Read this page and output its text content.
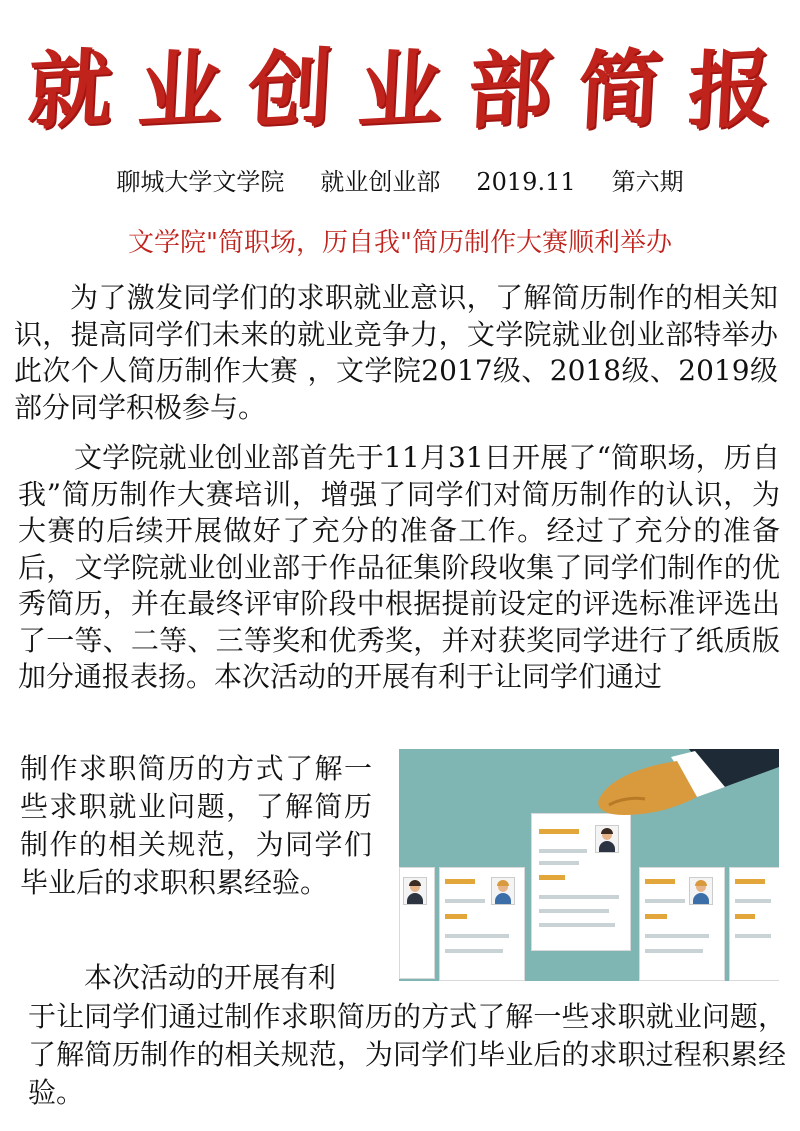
就 业 创 业 部 简 报
聊城大学文学院 就业创业部 2019.11 第六期
文学院"简职场，历自我"简历制作大赛顺利举办

为了激发同学们的求职就业意识，了解简历制作的相关知识，提高同学们未来的就业竞争力，文学院就业创业部特举办此次个人简历制作大赛 ，文学院2017级、2018级、2019级部分同学积极参与。

文学院就业创业部首先于11月31日开展了“简职场，历自我”简历制作大赛培训，增强了同学们对简历制作的认识，为大赛的后续开展做好了充分的准备工作。经过了充分的准备后，文学院就业创业部于作品征集阶段收集了同学们制作的优秀简历，并在最终评审阶段中根据提前设定的评选标准评选出了一等、二等、三等奖和优秀奖，并对获奖同学进行了纸质版加分通报表扬。本次活动的开展有利于让同学们通过

制作求职简历的方式了解一些求职就业问题，了解简历制作的相关规范，为同学们毕业后的求职积累经验。

本次活动的开展有利

于让同学们通过制作求职简历的方式了解一些求职就业问题，了解简历制作的相关规范，为同学们毕业后的求职过程积累经验。
